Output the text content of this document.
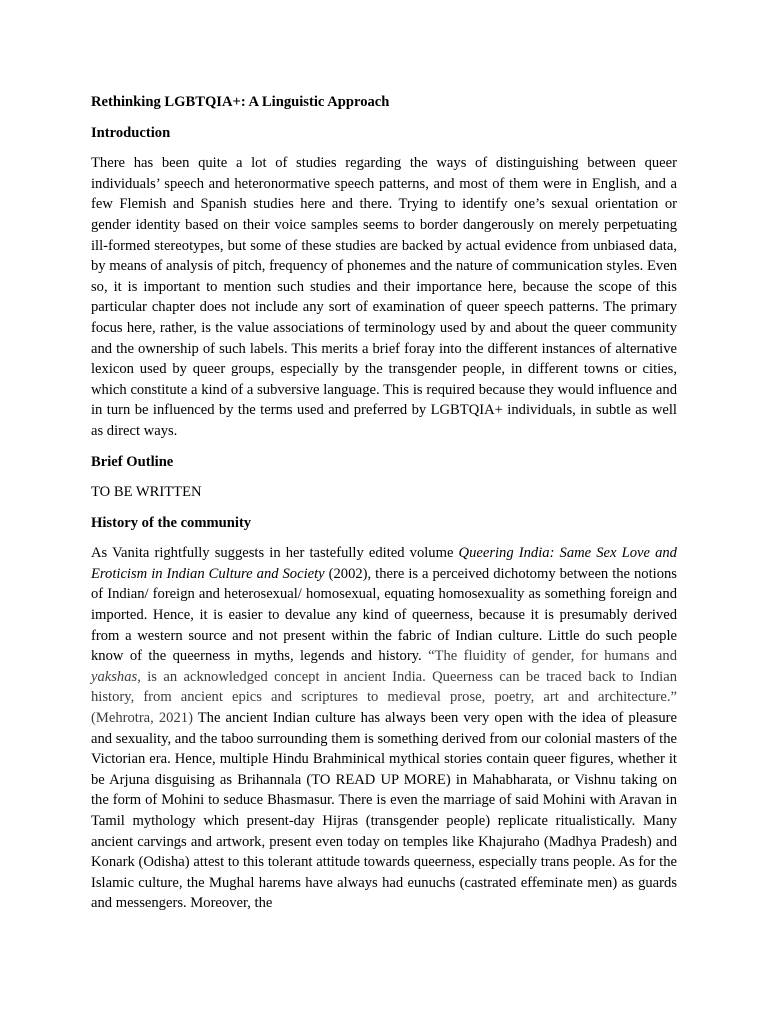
Rethinking LGBTQIA+: A Linguistic Approach
Introduction

There has been quite a lot of studies regarding the ways of distinguishing between queer individuals’ speech and heteronormative speech patterns, and most of them were in English, and a few Flemish and Spanish studies here and there. Trying to identify one’s sexual orientation or gender identity based on their voice samples seems to border dangerously on merely perpetuating ill-formed stereotypes, but some of these studies are backed by actual evidence from unbiased data, by means of analysis of pitch, frequency of phonemes and the nature of communication styles. Even so, it is important to mention such studies and their importance here, because the scope of this particular chapter does not include any sort of examination of queer speech patterns. The primary focus here, rather, is the value associations of terminology used by and about the queer community and the ownership of such labels. This merits a brief foray into the different instances of alternative lexicon used by queer groups, especially by the transgender people, in different towns or cities, which constitute a kind of a subversive language. This is required because they would influence and in turn be influenced by the terms used and preferred by LGBTQIA+ individuals, in subtle as well as direct ways.

Brief Outline

TO BE WRITTEN

History of the community

As Vanita rightfully suggests in her tastefully edited volume Queering India: Same Sex Love and Eroticism in Indian Culture and Society (2002), there is a perceived dichotomy between the notions of Indian/ foreign and heterosexual/ homosexual, equating homosexuality as something foreign and imported. Hence, it is easier to devalue any kind of queerness, because it is presumably derived from a western source and not present within the fabric of Indian culture. Little do such people know of the queerness in myths, legends and history. “The fluidity of gender, for humans and yakshas, is an acknowledged concept in ancient India. Queerness can be traced back to Indian history, from ancient epics and scriptures to medieval prose, poetry, art and architecture.” (Mehrotra, 2021) The ancient Indian culture has always been very open with the idea of pleasure and sexuality, and the taboo surrounding them is something derived from our colonial masters of the Victorian era. Hence, multiple Hindu Brahminical mythical stories contain queer figures, whether it be Arjuna disguising as Brihannala (TO READ UP MORE) in Mahabharata, or Vishnu taking on the form of Mohini to seduce Bhasmasur. There is even the marriage of said Mohini with Aravan in Tamil mythology which present-day Hijras (transgender people) replicate ritualistically. Many ancient carvings and artwork, present even today on temples like Khajuraho (Madhya Pradesh) and Konark (Odisha) attest to this tolerant attitude towards queerness, especially trans people. As for the Islamic culture, the Mughal harems have always had eunuchs (castrated effeminate men) as guards and messengers. Moreover, the
